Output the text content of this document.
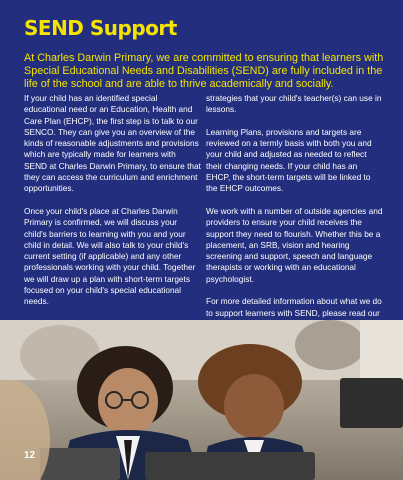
SEND Support

At Charles Darwin Primary, we are committed to ensuring that learners with Special Educational Needs and Disabilities (SEND) are fully included in the life of the school and are able to thrive academically and socially.

If your child has an identified special educational need or an Education, Health and Care Plan (EHCP), the first step is to talk to our SENCO. They can give you an overview of the kinds of reasonable adjustments and provisions which are typically made for learners with SEND at Charles Darwin Primary, to ensure that they can access the curriculum and enrichment opportunities.

Once your child's place at Charles Darwin Primary is confirmed, we will discuss your child's barriers to learning with you and your child in detail. We will also talk to your child's current setting (if applicable) and any other professionals working with your child. Together we will draw up a plan with short-term targets focused on your child's special educational needs.

strategies that your child's teacher(s) can use in lessons.

Learning Plans, provisions and targets are reviewed on a termly basis with both you and your child and adjusted as needed to reflect their changing needs. If your child has an EHCP, the short-term targets will be linked to the EHCP outcomes.

We work with a number of outside agencies and providers to ensure your child receives the support they need to flourish. Whether this be a placement, an SRB, vision and hearing screening and support, speech and language therapists or working with an educational psychologist.

For more detailed information about what we do to support learners with SEND, please read our

12
